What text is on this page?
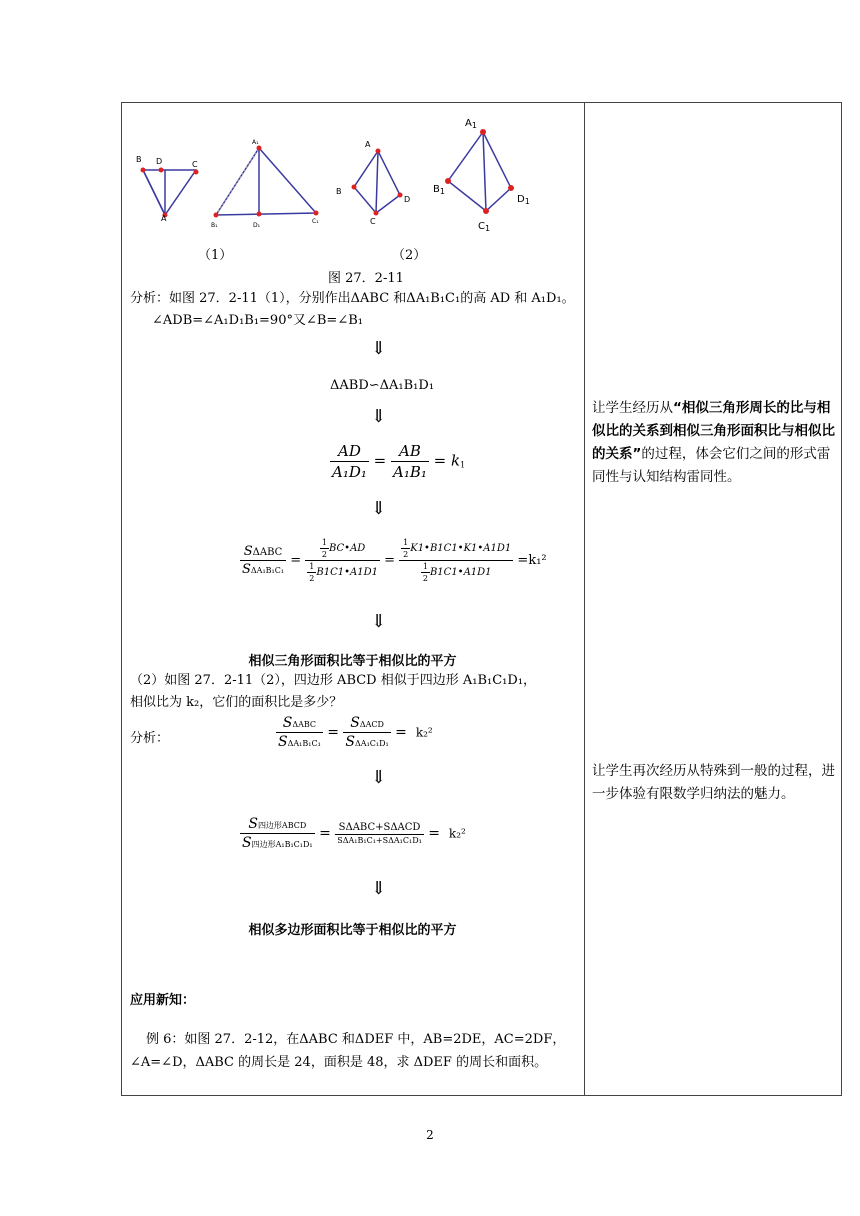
B D	C
A
A₁
B₁	D₁
C₁
A
B
C
D
$A_1$
$B_1$
$C_1$
$D_1$
（1）	（2）
图 27．2-11
分析：如图 27．2-11（1），分别作出ΔABC 和ΔA₁B₁C₁的高 AD 和 A₁D₁。
∠ADB=∠A₁D₁B₁=90°又∠B=∠B₁
⇓
ΔABD∽ΔA₁B₁D₁
⇓
$\frac{AD}{\text{A₁D₁}} = \frac{AB}{\text{A₁B₁}} = k_1$
⇓
$\frac{\text{SΔABC}}{\text{SΔA₁B₁C₁}} = \frac{\frac{1}{2} BC•AD}{\frac{1}{2} B1C1•A1D1} = \frac{\frac{1}{2} K1•B1C1•K1•A1D1}{\frac{1}{2} B1C1•A1D1} =k_1^2$
⇓
相似三角形面积比等于相似比的平方
（2）如图 27．2-11（2），四边形 ABCD 相似于四边形 A₁B₁C₁D₁，
相似比为 k₂，它们的面积比是多少？
分析：	$\frac{\text{SΔABC}}{\text{SΔA₁B₁C₁}} = \frac{\text{SΔACD}}{\text{SΔA₁C₁D₁}} = k_2^2$
⇓
$\frac{\text{S四边形ABCD}}{\text{S四边形A₁B₁C₁D₁}} = \frac{\text{SΔABC+SΔACD}}{\text{SΔA₁B₁C₁+SΔA₁C₁D₁}} = k_2^2$
⇓
相似多边形面积比等于相似比的平方
应用新知：
例 6：如图 27．2-12，在ΔABC 和ΔDEF 中，AB=2DE，AC=2DF，
∠A=∠D，ΔABC 的周长是 24，面积是 48，求 ΔDEF 的周长和面积。
让学生经历从“相似三角形周长的比与相似比的关系到相似三角形面积比与相似比的关系”的过程，体会它们之间的形式雷同性与认知结构雷同性。
让学生再次经历从特殊到一般的过程，进一步体验有限数学归纳法的魅力。
2
